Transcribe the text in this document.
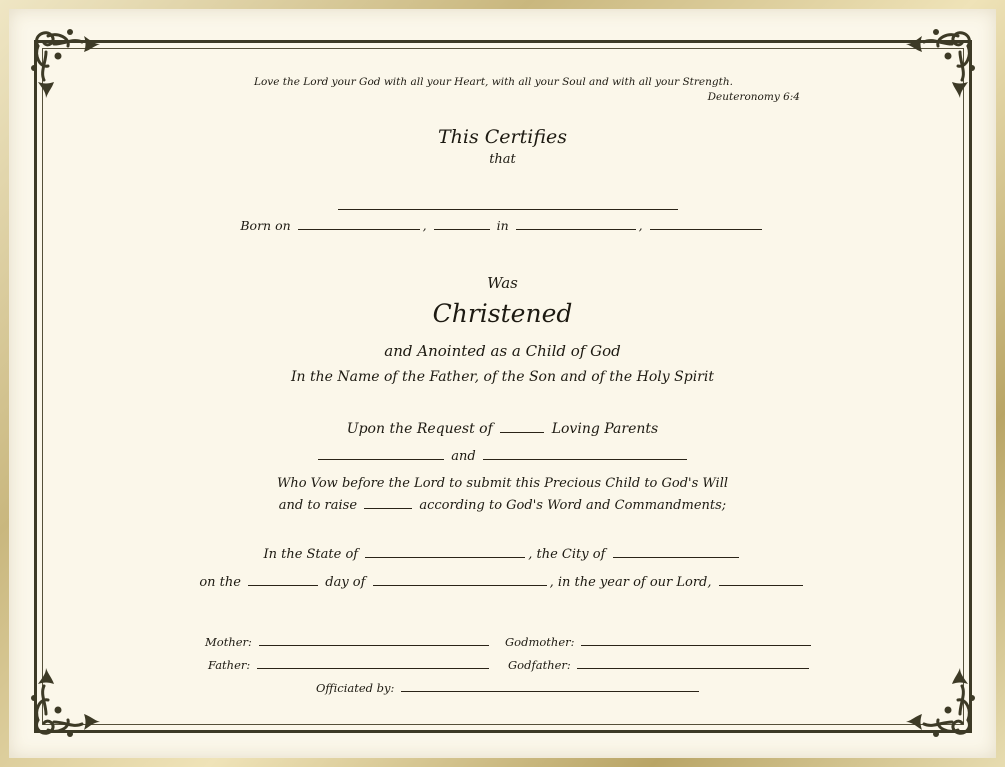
Love the Lord your God with all your Heart, with all your Soul and with all your Strength.
Deuteronomy 6:4
This Certifies
that
Born on	,	in	,
Was
Christened
and Anointed as a Child of God
In the Name of the Father, of the Son and of the Holy Spirit
Upon the Request of	Loving Parents
and
Who Vow before the Lord to submit this Precious Child to God's Will
and to raise	according to God's Word and Commandments;
In the State of	, the City of
on the	day of	, in the year of our Lord,
Mother:	Godmother:
Father:	Godfather:
Officiated by:
